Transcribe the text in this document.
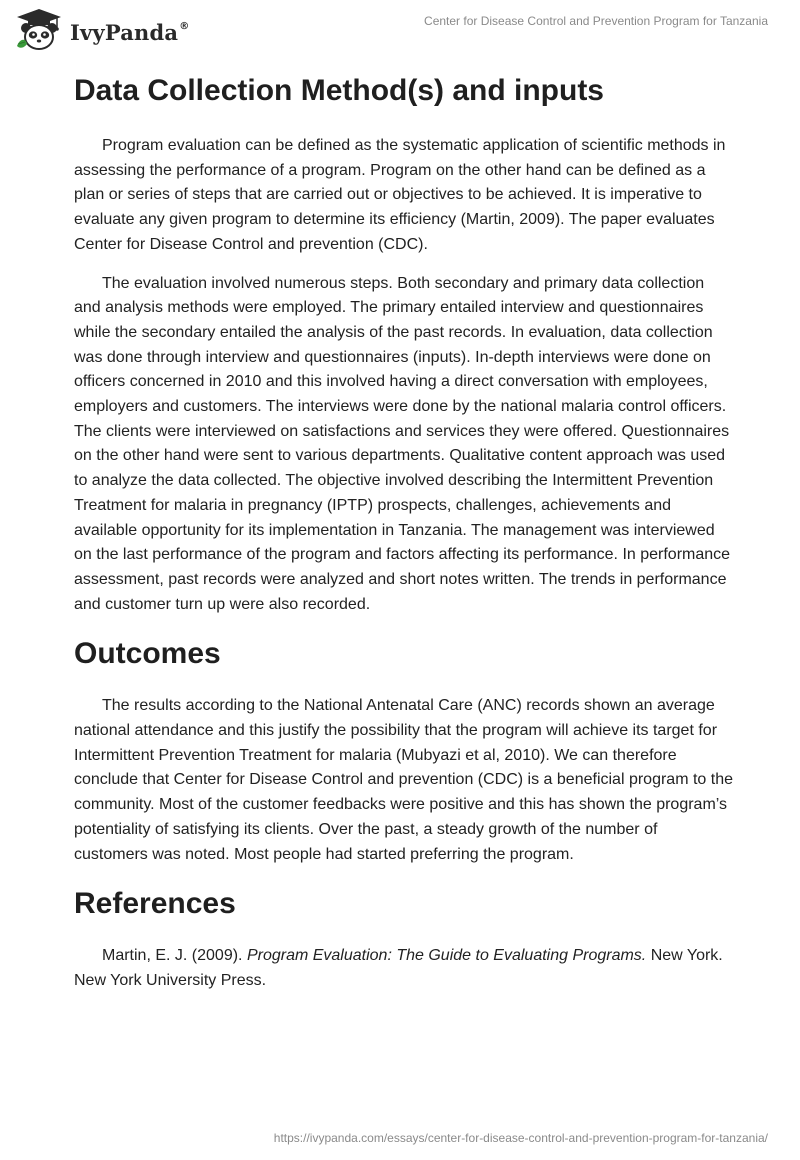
IvyPanda®	Center for Disease Control and Prevention Program for Tanzania
Data Collection Method(s) and inputs

Program evaluation can be defined as the systematic application of scientific methods in assessing the performance of a program. Program on the other hand can be defined as a plan or series of steps that are carried out or objectives to be achieved. It is imperative to evaluate any given program to determine its efficiency (Martin, 2009). The paper evaluates Center for Disease Control and prevention (CDC).

The evaluation involved numerous steps. Both secondary and primary data collection and analysis methods were employed. The primary entailed interview and questionnaires while the secondary entailed the analysis of the past records. In evaluation, data collection was done through interview and questionnaires (inputs). In-depth interviews were done on officers concerned in 2010 and this involved having a direct conversation with employees, employers and customers. The interviews were done by the national malaria control officers. The clients were interviewed on satisfactions and services they were offered. Questionnaires on the other hand were sent to various departments. Qualitative content approach was used to analyze the data collected. The objective involved describing the Intermittent Prevention Treatment for malaria in pregnancy (IPTP) prospects, challenges, achievements and available opportunity for its implementation in Tanzania. The management was interviewed on the last performance of the program and factors affecting its performance. In performance assessment, past records were analyzed and short notes written. The trends in performance and customer turn up were also recorded.

Outcomes

The results according to the National Antenatal Care (ANC) records shown an average national attendance and this justify the possibility that the program will achieve its target for Intermittent Prevention Treatment for malaria (Mubyazi et al, 2010). We can therefore conclude that Center for Disease Control and prevention (CDC) is a beneficial program to the community. Most of the customer feedbacks were positive and this has shown the program’s potentiality of satisfying its clients. Over the past, a steady growth of the number of customers was noted. Most people had started preferring the program.

References

Martin, E. J. (2009). Program Evaluation: The Guide to Evaluating Programs. New York. New York University Press.

https://ivypanda.com/essays/center-for-disease-control-and-prevention-program-for-tanzania/
